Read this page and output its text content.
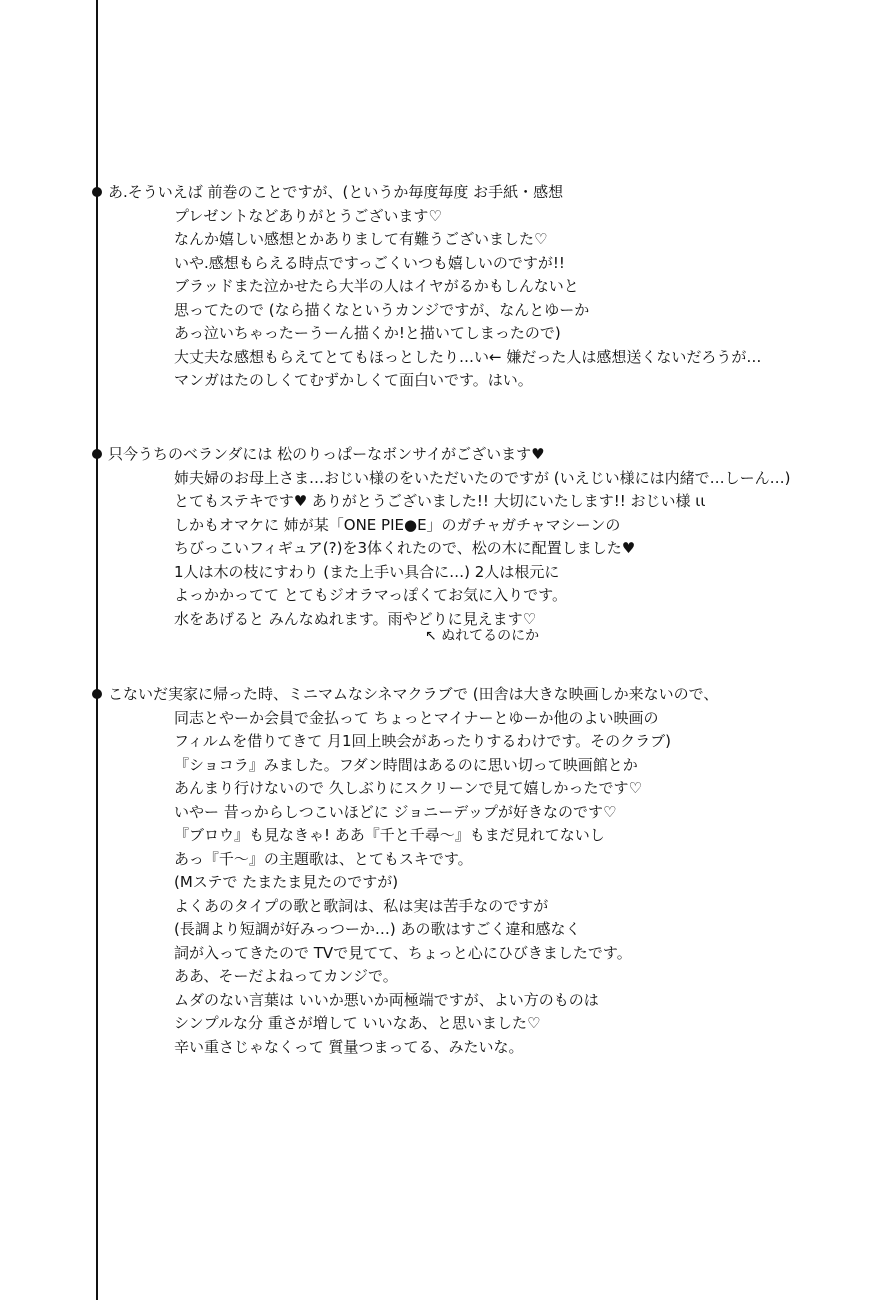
あ.そういえば 前巻のことですが、(というか毎度毎度 お手紙・感想
プレゼントなどありがとうございます♡
なんか嬉しい感想とかありまして有難うございました♡
いや.感想もらえる時点ですっごくいつも嬉しいのですが!!
ブラッドまた泣かせたら大半の人はイヤがるかもしんないと
思ってたので (なら描くなというカンジですが、なんとゆーか
あっ泣いちゃったーうーん描くか!と描いてしまったので)
大丈夫な感想もらえてとてもほっとしたり…い← 嫌だった人は感想送くないだろうが…
マンガはたのしくてむずかしくて面白いです。はい。
只今うちのベランダには 松のりっぱーなボンサイがございます♥
姉夫婦のお母上さま…おじい様のをいただいたのですが (いえじい様には内緒で…しーん…)
とてもステキです♥ ありがとうございました!! 大切にいたします!! おじい様 ιι
しかもオマケに 姉が某「ONE PIE●E」のガチャガチャマシーンの
ちびっこいフィギュア(?)を3体くれたので、松の木に配置しました♥
1人は木の枝にすわり (また上手い具合に…) 2人は根元に
よっかかってて とてもジオラマっぽくてお気に入りです。
水をあげると みんなぬれます。雨やどりに見えます♡
↖ ぬれてるのにか
こないだ実家に帰った時、ミニマムなシネマクラブで (田舎は大きな映画しか来ないので、
同志とやーか会員で金払って ちょっとマイナーとゆーか他のよい映画の
フィルムを借りてきて 月1回上映会があったりするわけです。そのクラブ)
『ショコラ』みました。フダン時間はあるのに思い切って映画館とか
あんまり行けないので 久しぶりにスクリーンで見て嬉しかったです♡
いやー 昔っからしつこいほどに ジョニーデップが好きなのです♡
『ブロウ』も見なきゃ! ああ『千と千尋〜』もまだ見れてないし
あっ『千〜』の主題歌は、とてもスキです。
(Mステで たまたま見たのですが)
よくあのタイプの歌と歌詞は、私は実は苦手なのですが
(長調より短調が好みっつーか…) あの歌はすごく違和感なく
詞が入ってきたので TVで見てて、ちょっと心にひびきましたです。
ああ、そーだよねってカンジで。
ムダのない言葉は いいか悪いか両極端ですが、よい方のものは
シンプルな分 重さが増して いいなあ、と思いました♡
辛い重さじゃなくって 質量つまってる、みたいな。
